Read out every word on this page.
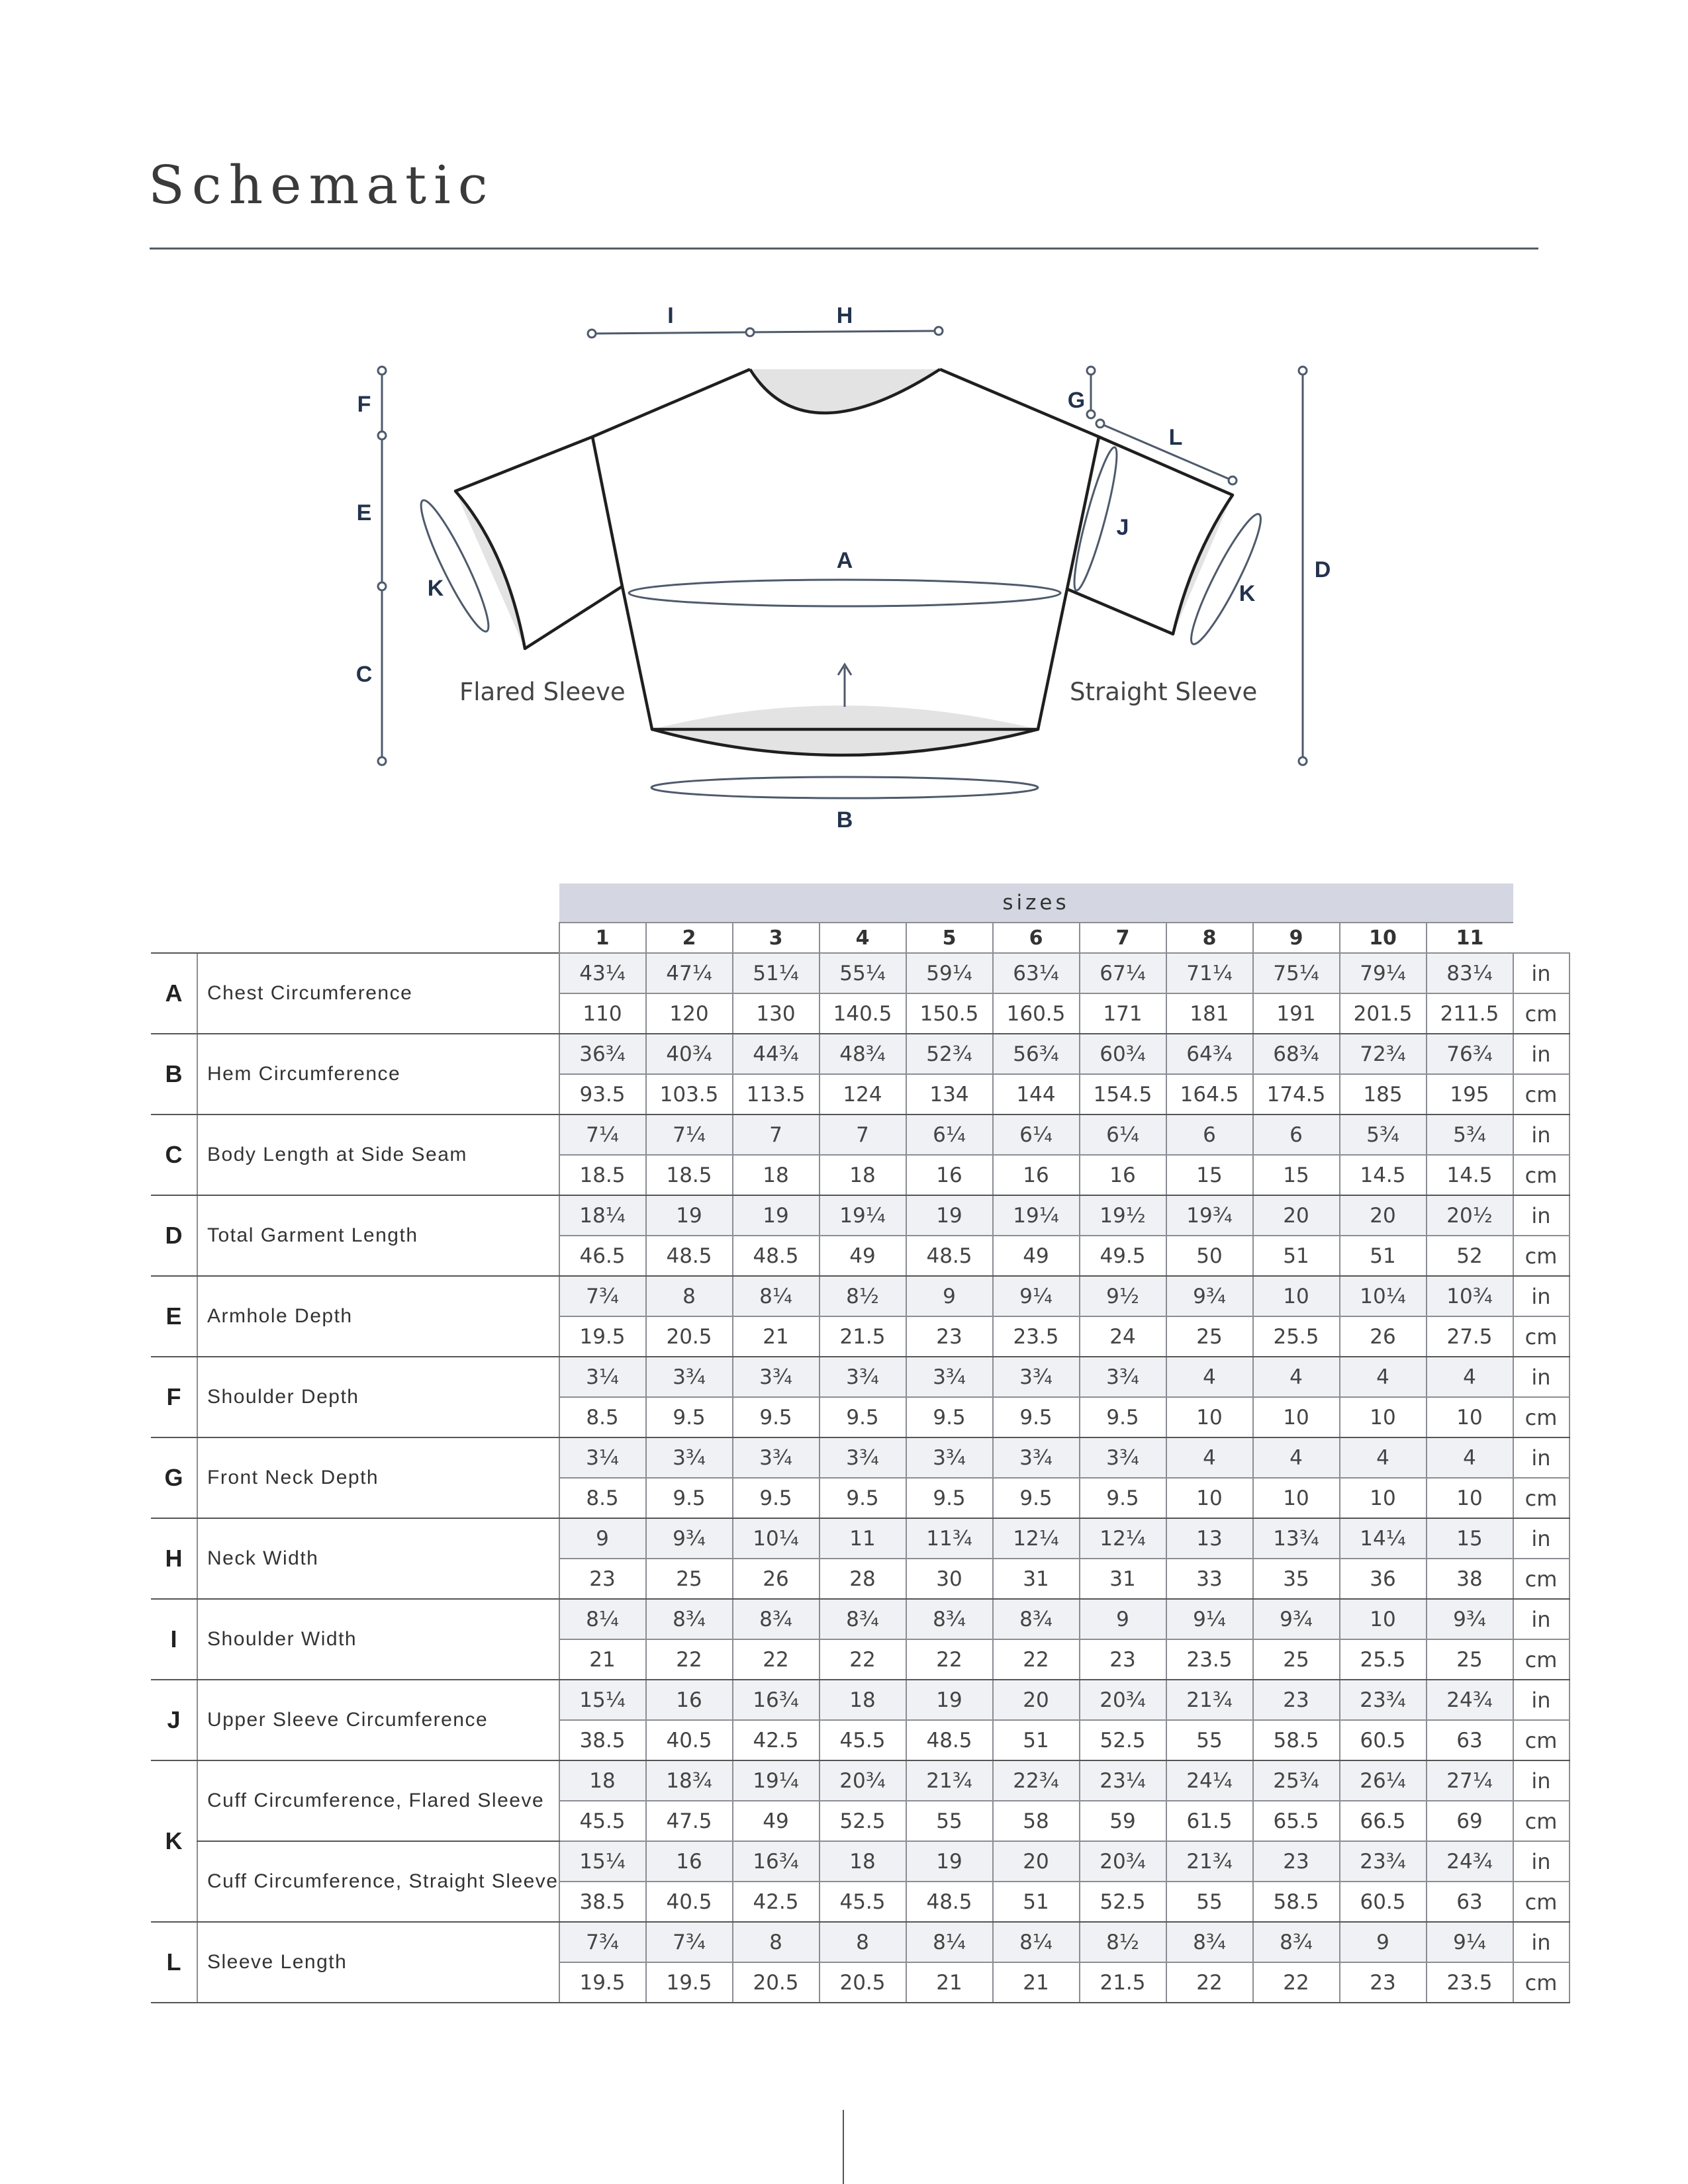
Schematic
I	H
F
E
K
C
A
B
G
L
J
K
D
Flared Sleeve	Straight Sleeve
		sizes											
		1	2	3	4	5	6	7	8	9	10	11	
A	Chest Circumference	43¼	47¼	51¼	55¼	59¼	63¼	67¼	71¼	75¼	79¼	83¼	in
		110	120	130	140.5	150.5	160.5	171	181	191	201.5	211.5	cm
B	Hem Circumference	36¾	40¾	44¾	48¾	52¾	56¾	60¾	64¾	68¾	72¾	76¾	in
		93.5	103.5	113.5	124	134	144	154.5	164.5	174.5	185	195	cm
C	Body Length at Side Seam	7¼	7¼	7	7	6¼	6¼	6¼	6	6	5¾	5¾	in
		18.5	18.5	18	18	16	16	16	15	15	14.5	14.5	cm
D	Total Garment Length	18¼	19	19	19¼	19	19¼	19½	19¾	20	20	20½	in
		46.5	48.5	48.5	49	48.5	49	49.5	50	51	51	52	cm
E	Armhole Depth	7¾	8	8¼	8½	9	9¼	9½	9¾	10	10¼	10¾	in
		19.5	20.5	21	21.5	23	23.5	24	25	25.5	26	27.5	cm
F	Shoulder Depth	3¼	3¾	3¾	3¾	3¾	3¾	3¾	4	4	4	4	in
		8.5	9.5	9.5	9.5	9.5	9.5	9.5	10	10	10	10	cm
G	Front Neck Depth	3¼	3¾	3¾	3¾	3¾	3¾	3¾	4	4	4	4	in
		8.5	9.5	9.5	9.5	9.5	9.5	9.5	10	10	10	10	cm
H	Neck Width	9	9¾	10¼	11	11¾	12¼	12¼	13	13¾	14¼	15	in
		23	25	26	28	30	31	31	33	35	36	38	cm
I	Shoulder Width	8¼	8¾	8¾	8¾	8¾	8¾	9	9¼	9¾	10	9¾	in
		21	22	22	22	22	22	23	23.5	25	25.5	25	cm
J	Upper Sleeve Circumference	15¼	16	16¾	18	19	20	20¾	21¾	23	23¾	24¾	in
		38.5	40.5	42.5	45.5	48.5	51	52.5	55	58.5	60.5	63	cm
K	Cuff Circumference, Flared Sleeve	18	18¾	19¼	20¾	21¾	22¾	23¼	24¼	25¾	26¼	27¼	in
		45.5	47.5	49	52.5	55	58	59	61.5	65.5	66.5	69	cm
	Cuff Circumference, Straight Sleeve	15¼	16	16¾	18	19	20	20¾	21¾	23	23¾	24¾	in
		38.5	40.5	42.5	45.5	48.5	51	52.5	55	58.5	60.5	63	cm
L	Sleeve Length	7¾	7¾	8	8	8¼	8¼	8½	8¾	8¾	9	9¼	in
		19.5	19.5	20.5	20.5	21	21	21.5	22	22	23	23.5	cm
